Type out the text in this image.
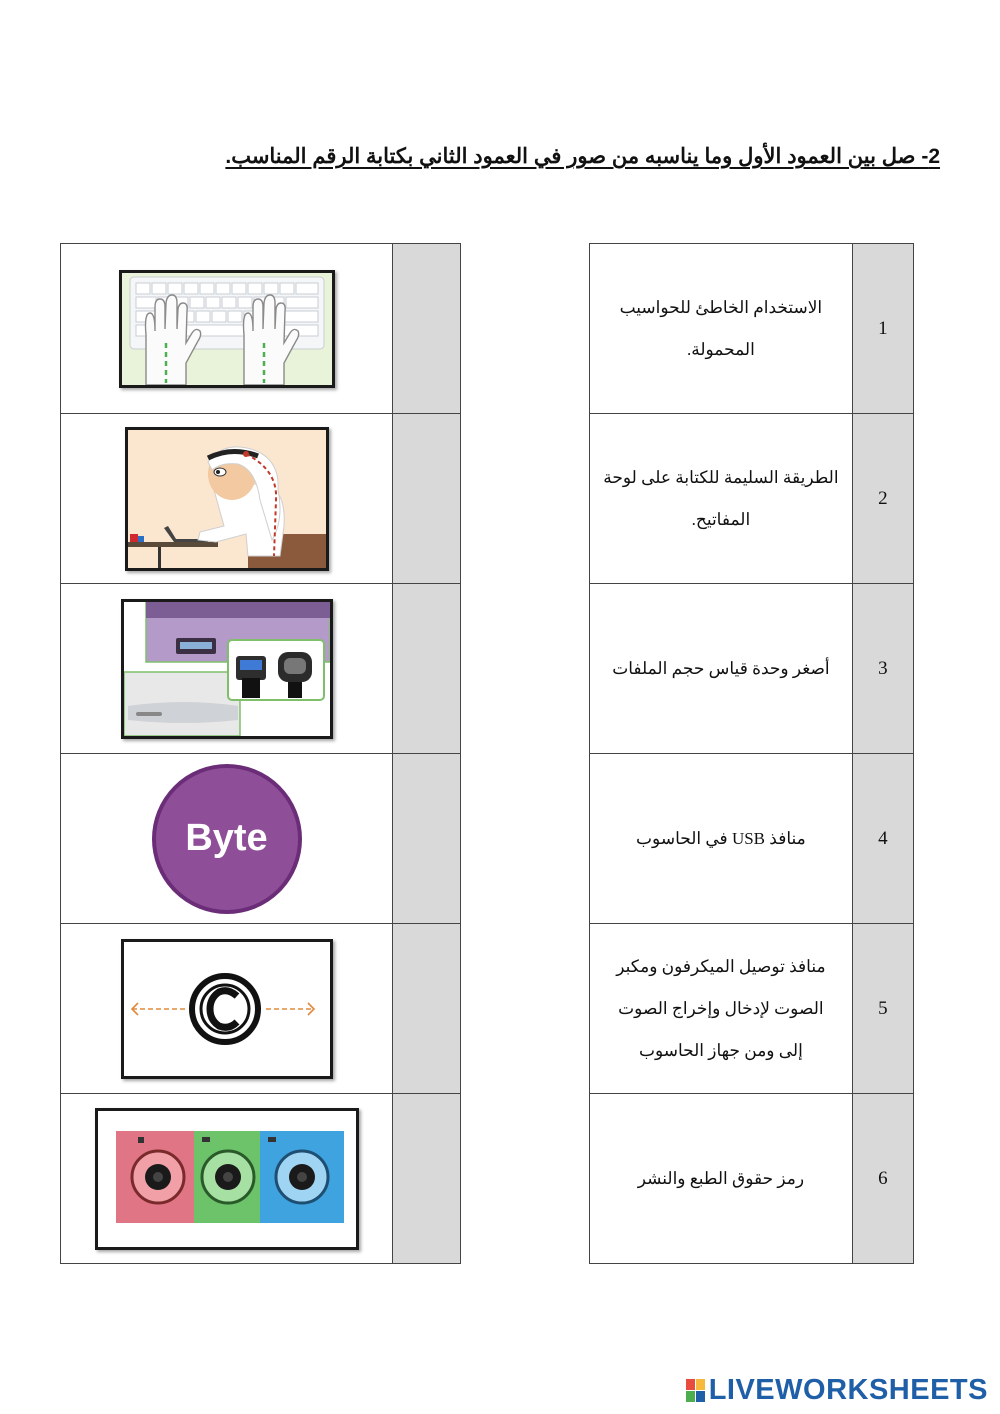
2- صل بين العمود الأول وما يناسبه من صور في العمود الثاني بكتابة الرقم المناسب.

Byte	

الاستخدام الخاطئ للحواسيب
المحمولة.	1

الطريقة السليمة للكتابة على لوحة
المفاتيح.	2

أصغر وحدة قياس حجم الملفات	3

منافذ USB في الحاسوب	4

منافذ توصيل الميكرفون ومكبر
الصوت لإدخال وإخراج الصوت
إلى ومن جهاز الحاسوب	5

رمز حقوق الطبع والنشر	6
LIVEWORKSHEETS
